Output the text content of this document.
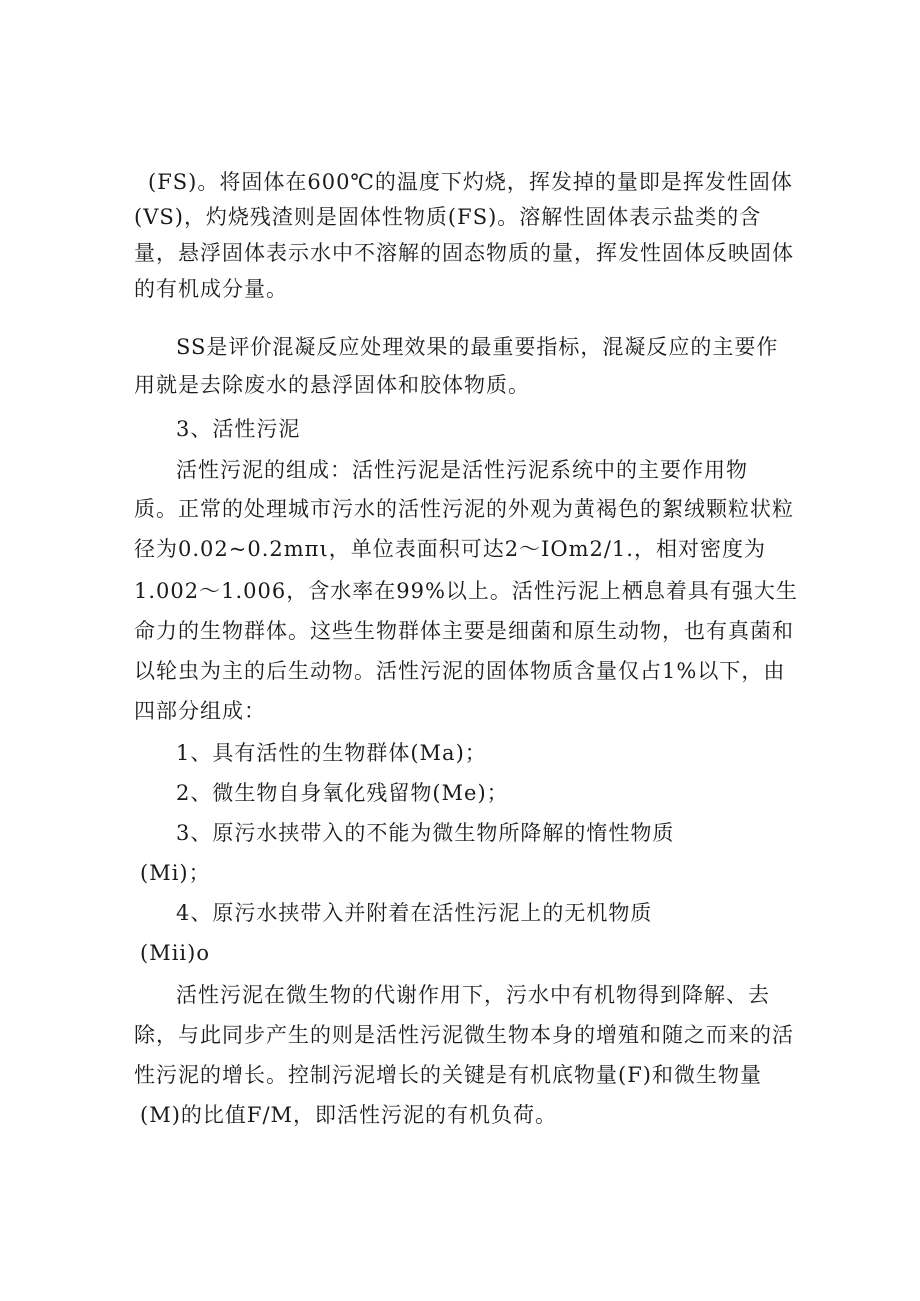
(FS)。将固体在600℃的温度下灼烧，挥发掉的量即是挥发性固体
(VS)，灼烧残渣则是固体性物质(FS)。溶解性固体表示盐类的含
量，悬浮固体表示水中不溶解的固态物质的量，挥发性固体反映固体
的有机成分量。
SS是评价混凝反应处理效果的最重要指标，混凝反应的主要作
用就是去除废水的悬浮固体和胶体物质。
3、活性污泥
活性污泥的组成：活性污泥是活性污泥系统中的主要作用物
质。正常的处理城市污水的活性污泥的外观为黄褐色的絮绒颗粒状粒
径为0.02~0.2mπι，单位表面积可达2～IOm2/1.，相对密度为
1.002～1.006，含水率在99%以上。活性污泥上栖息着具有强大生
命力的生物群体。这些生物群体主要是细菌和原生动物，也有真菌和
以轮虫为主的后生动物。活性污泥的固体物质含量仅占1%以下，由
四部分组成：
1、具有活性的生物群体(Ma)；
2、微生物自身氧化残留物(Me)；
3、原污水挟带入的不能为微生物所降解的惰性物质
(Mi)；
4、原污水挟带入并附着在活性污泥上的无机物质
(Mii)o
活性污泥在微生物的代谢作用下，污水中有机物得到降解、去
除，与此同步产生的则是活性污泥微生物本身的增殖和随之而来的活
性污泥的增长。控制污泥增长的关键是有机底物量(F)和微生物量
(M)的比值F/M，即活性污泥的有机负荷。
